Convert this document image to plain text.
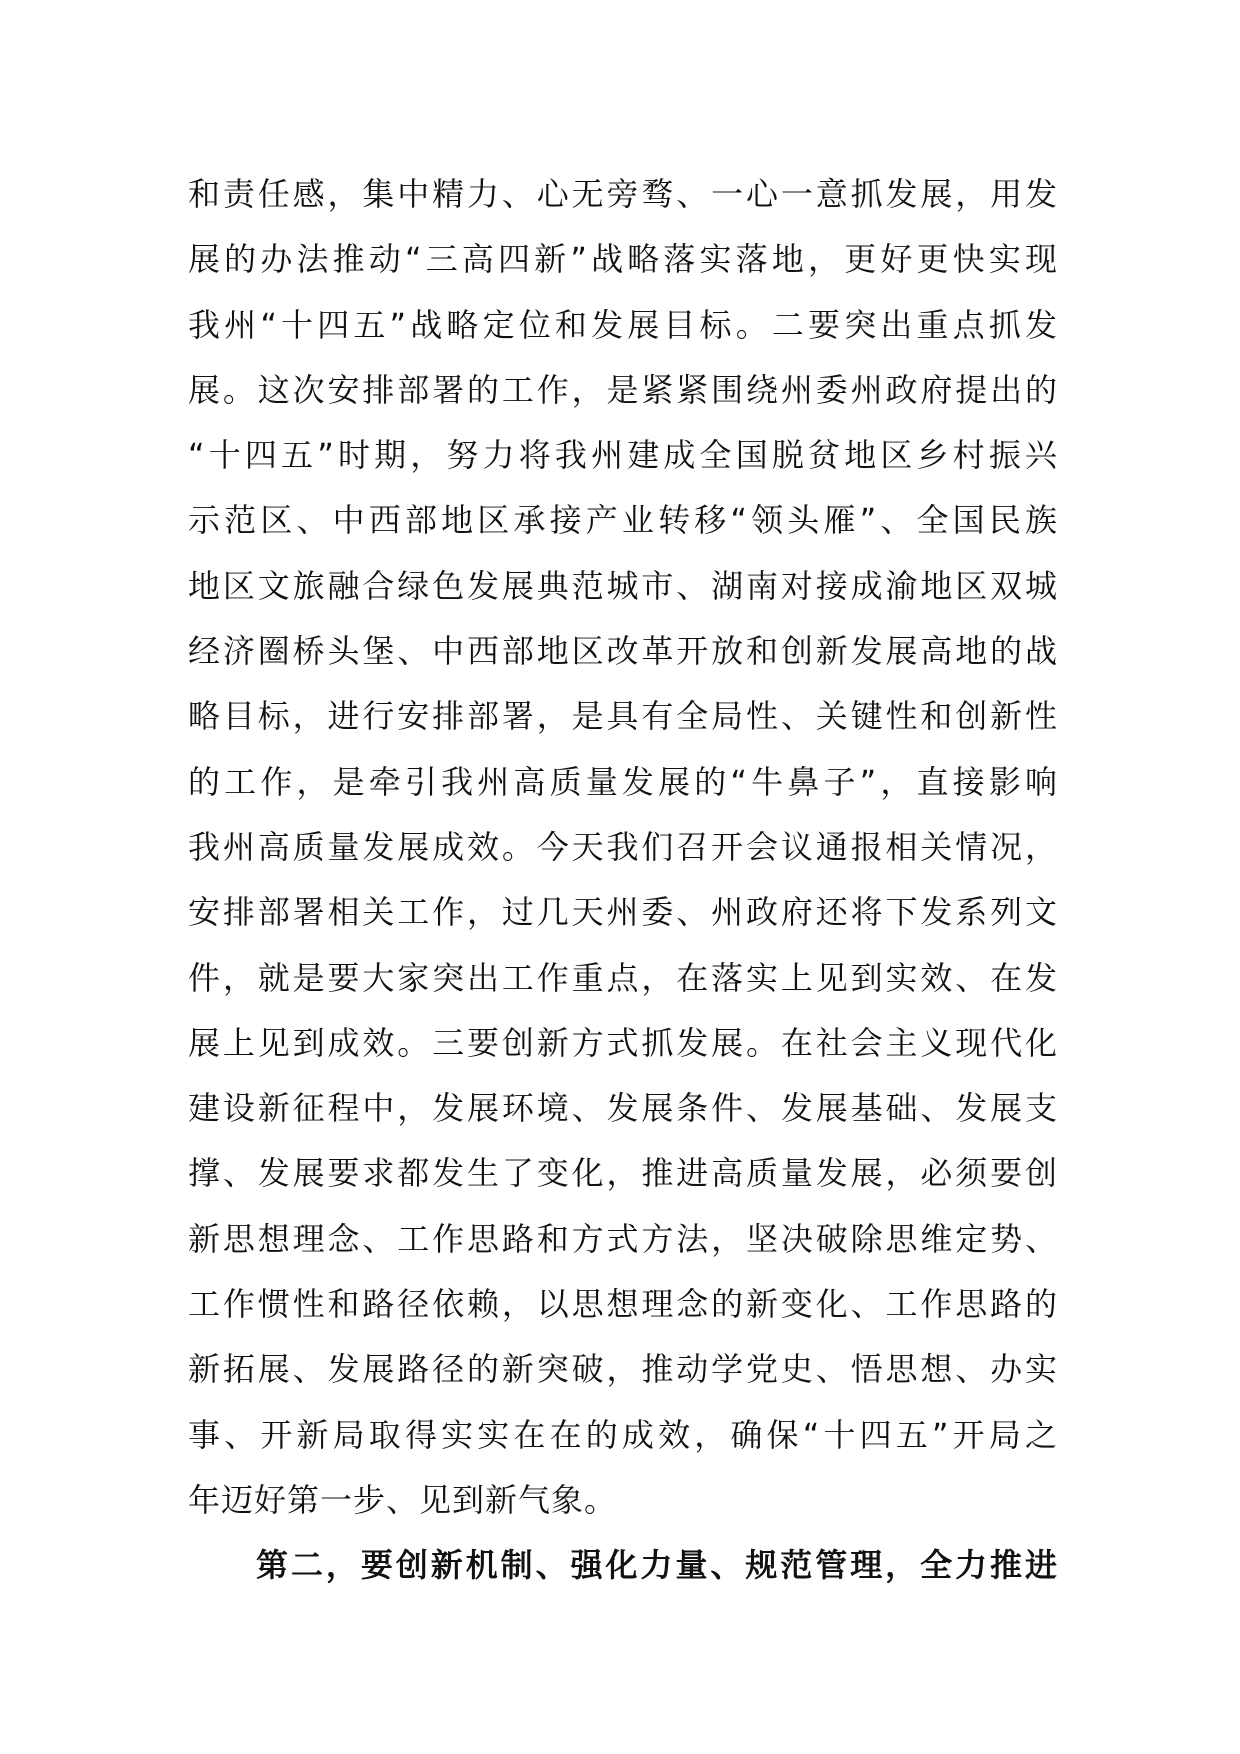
和责任感，集中精力、心无旁骛、一心一意抓发展，用发
展的办法推动“三高四新”战略落实落地，更好更快实现
我州“十四五”战略定位和发展目标。二要突出重点抓发
展。这次安排部署的工作，是紧紧围绕州委州政府提出的
“十四五”时期，努力将我州建成全国脱贫地区乡村振兴
示范区、中西部地区承接产业转移“领头雁”、全国民族
地区文旅融合绿色发展典范城市、湖南对接成渝地区双城
经济圈桥头堡、中西部地区改革开放和创新发展高地的战
略目标，进行安排部署，是具有全局性、关键性和创新性
的工作，是牵引我州高质量发展的“牛鼻子”，直接影响
我州高质量发展成效。今天我们召开会议通报相关情况，
安排部署相关工作，过几天州委、州政府还将下发系列文
件，就是要大家突出工作重点，在落实上见到实效、在发
展上见到成效。三要创新方式抓发展。在社会主义现代化
建设新征程中，发展环境、发展条件、发展基础、发展支
撑、发展要求都发生了变化，推进高质量发展，必须要创
新思想理念、工作思路和方式方法，坚决破除思维定势、
工作惯性和路径依赖，以思想理念的新变化、工作思路的
新拓展、发展路径的新突破，推动学党史、悟思想、办实
事、开新局取得实实在在的成效，确保“十四五”开局之
年迈好第一步、见到新气象。
第二，要创新机制、强化力量、规范管理，全力推进
